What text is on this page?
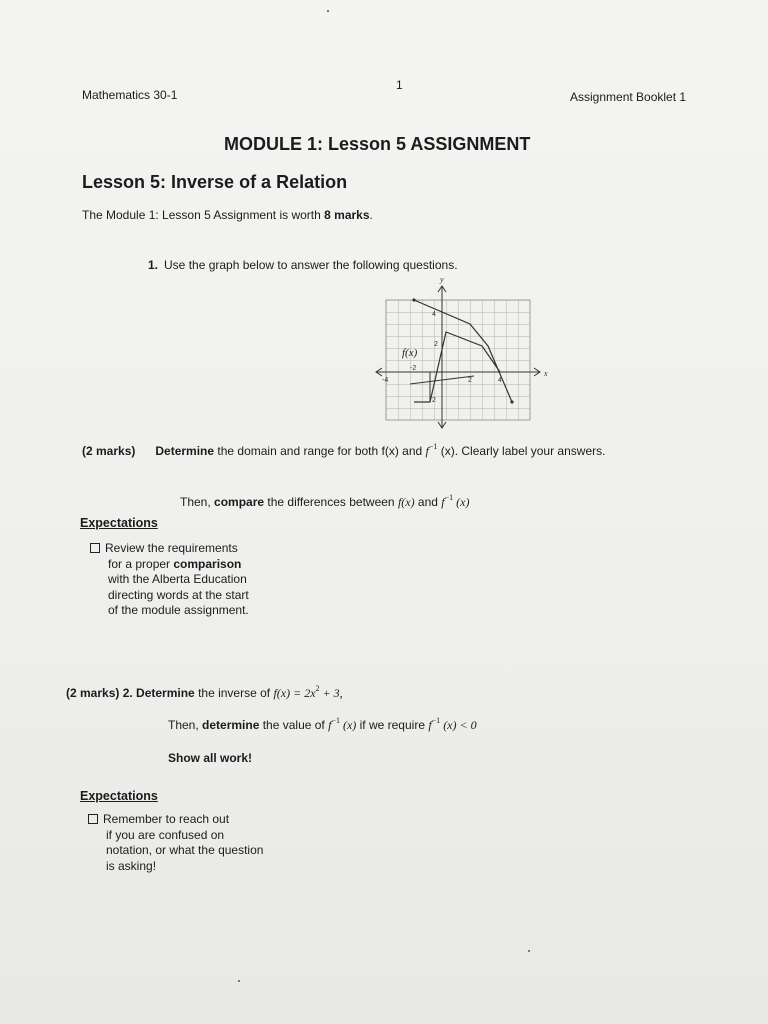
Mathematics 30-1
1
Assignment Booklet 1
MODULE 1: Lesson 5 ASSIGNMENT
Lesson 5: Inverse of a Relation
The Module 1: Lesson 5 Assignment is worth 8 marks.
1. Use the graph below to answer the following questions.
y
x
f(x)
-4
-2
2	4
2
2
4
(2 marks) Determine the domain and range for both f(x) and $f^{-1}$ (x). Clearly label your answers.
Then, compare the differences between f(x) and $f^{-1}$ (x)
Expectations
Review the requirements
for a proper comparison
with the Alberta Education
directing words at the start
of the module assignment.
(2 marks) 2. Determine the inverse of $f(x) = 2x^2 + 3$,
Then, determine the value of $f^{-1}$ (x) if we require $f^{-1}$ (x) < 0
Show all work!
Expectations
Remember to reach out
if you are confused on
notation, or what the question
is asking!
